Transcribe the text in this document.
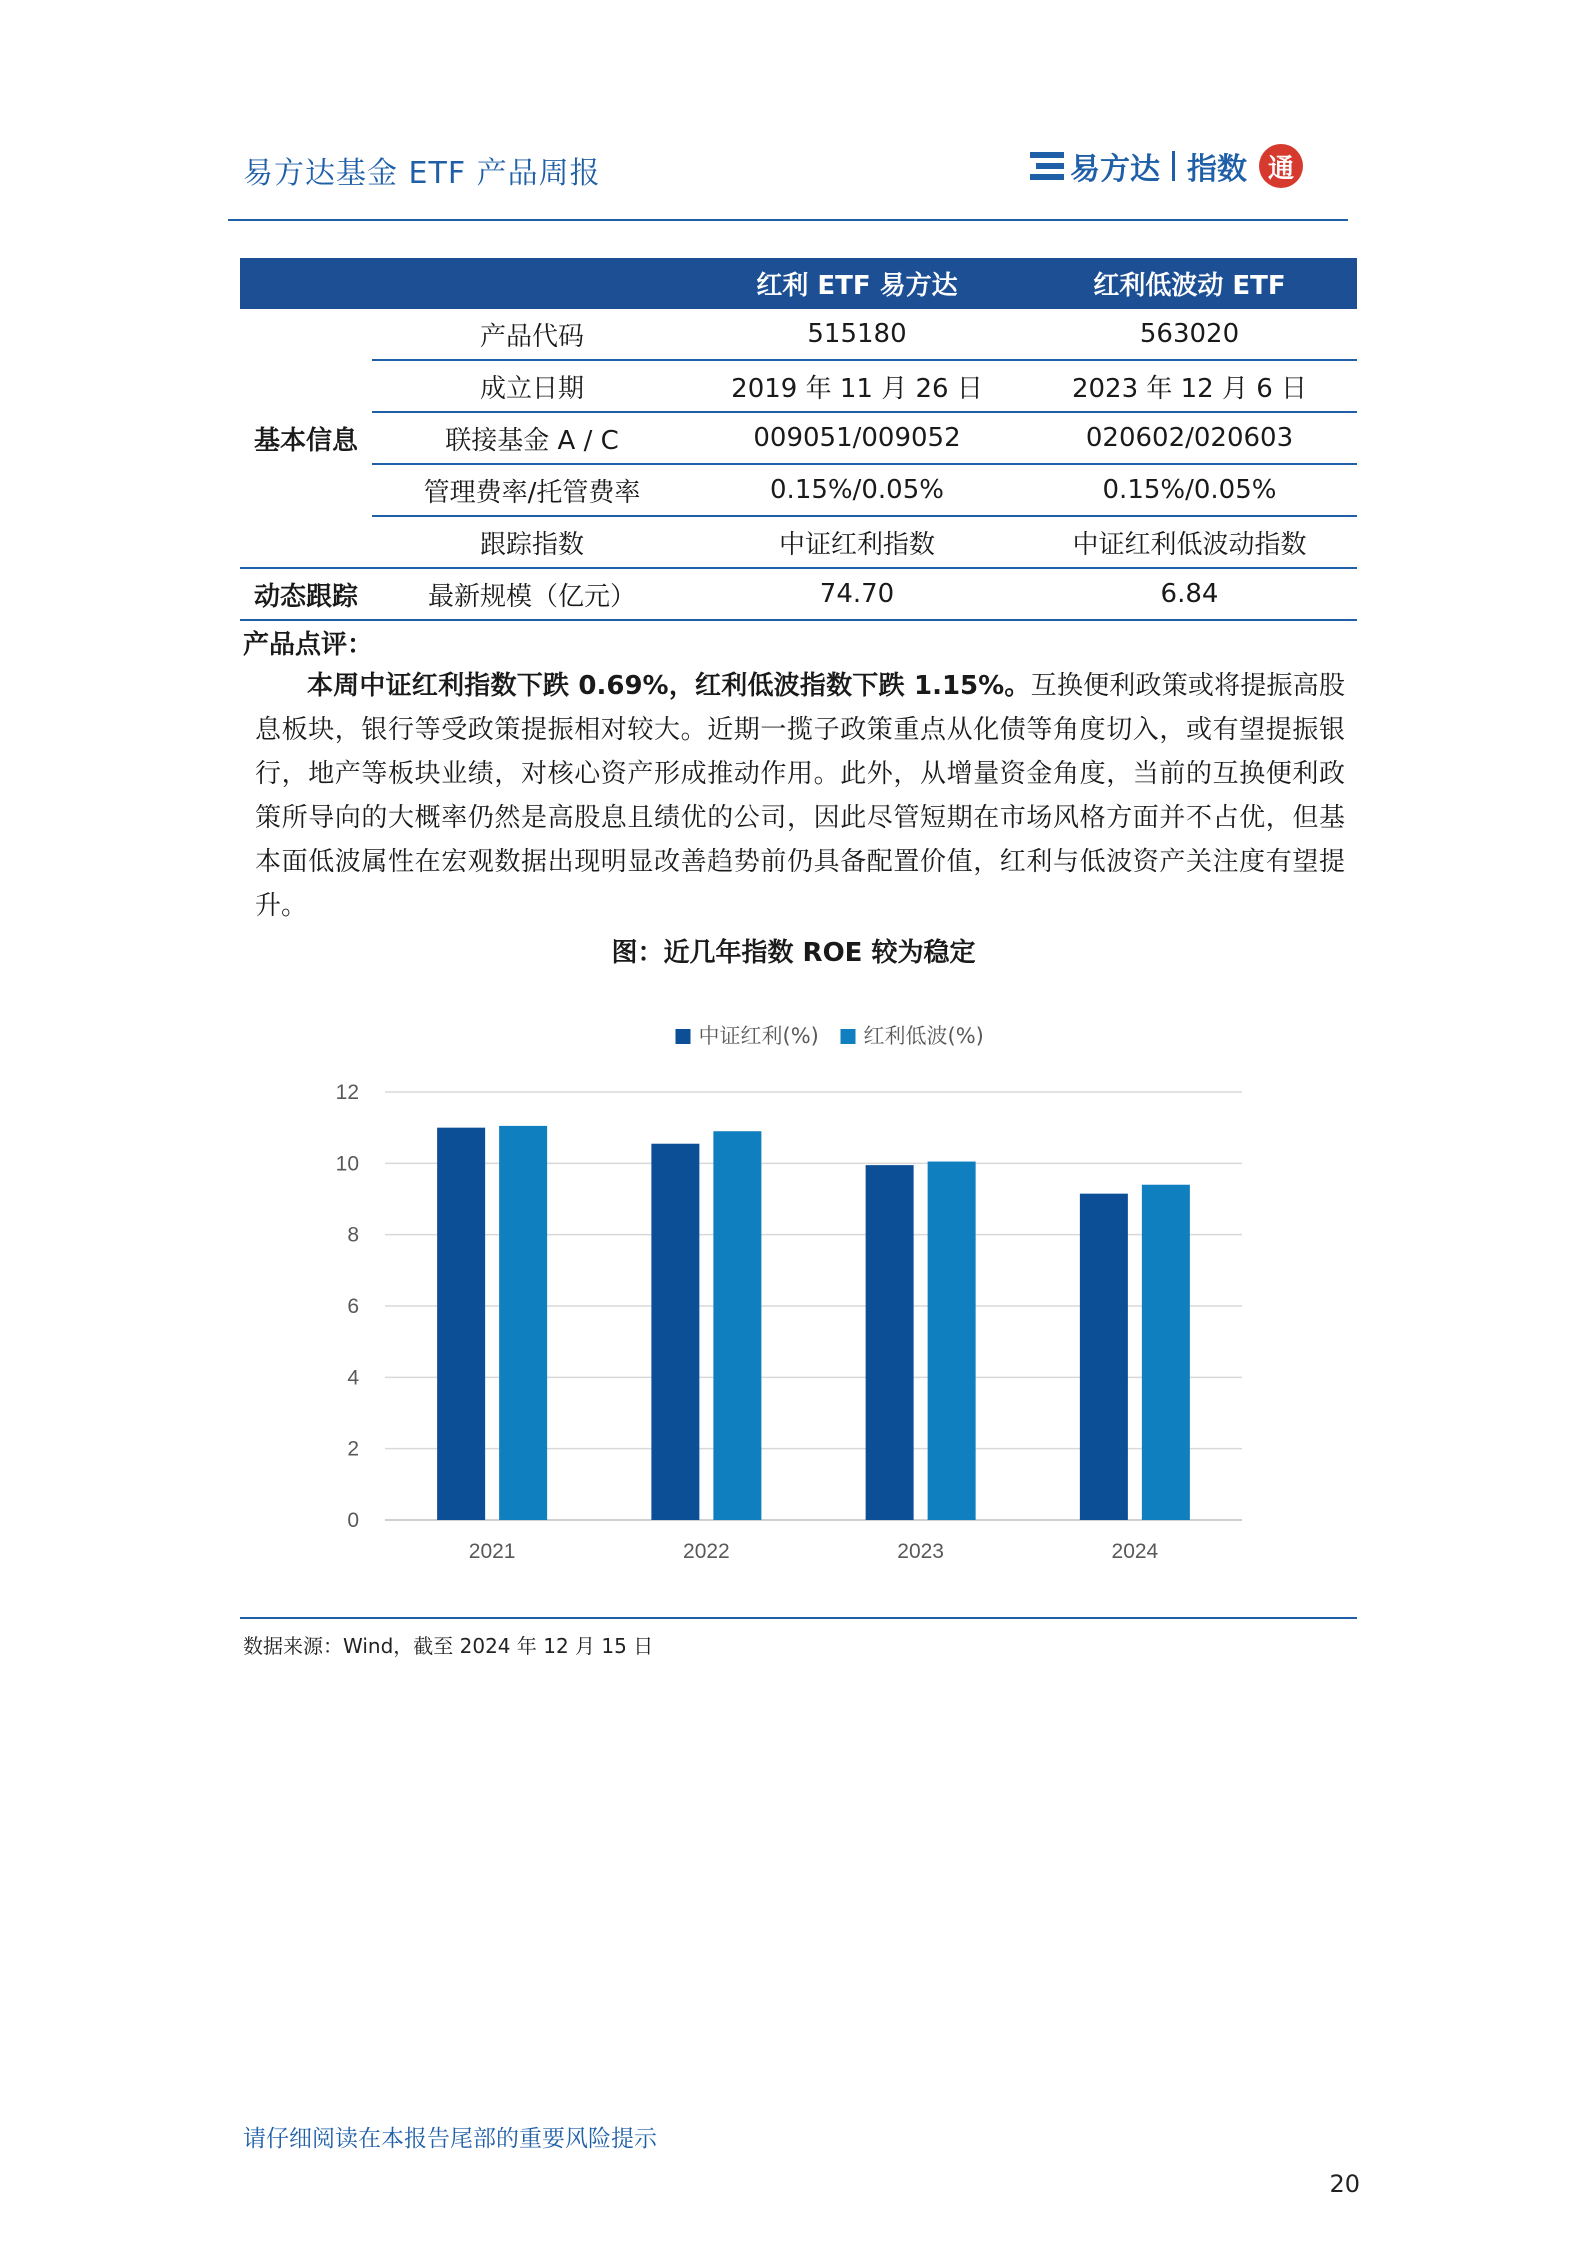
易方达基金 ETF 产品周报	易方达 指数 通
		红利 ETF 易方达	红利低波动 ETF
基本信息	产品代码	515180	563020
	成立日期	2019 年 11 月 26 日	2023 年 12 月 6 日
	联接基金 A / C	009051/009052	020602/020603
	管理费率/托管费率	0.15%/0.05%	0.15%/0.05%
	跟踪指数	中证红利指数	中证红利低波动指数
动态跟踪	最新规模（亿元）	74.70	6.84
产品点评：
本周中证红利指数下跌 0.69%，红利低波指数下跌 1.15%。互换便利政策或将提振高股息板块，银行等受政策提振相对较大。近期一揽子政策重点从化债等角度切入，或有望提振银行，地产等板块业绩，对核心资产形成推动作用。此外，从增量资金角度，当前的互换便利政策所导向的大概率仍然是高股息且绩优的公司，因此尽管短期在市场风格方面并不占优，但基本面低波属性在宏观数据出现明显改善趋势前仍具备配置价值，红利与低波资产关注度有望提升。
图：近几年指数 ROE 较为稳定
0
2
4
6
8
10
12
2021	2022	2023	2024
中证红利(%) 红利低波(%)
数据来源：Wind，截至 2024 年 12 月 15 日
请仔细阅读在本报告尾部的重要风险提示
20
